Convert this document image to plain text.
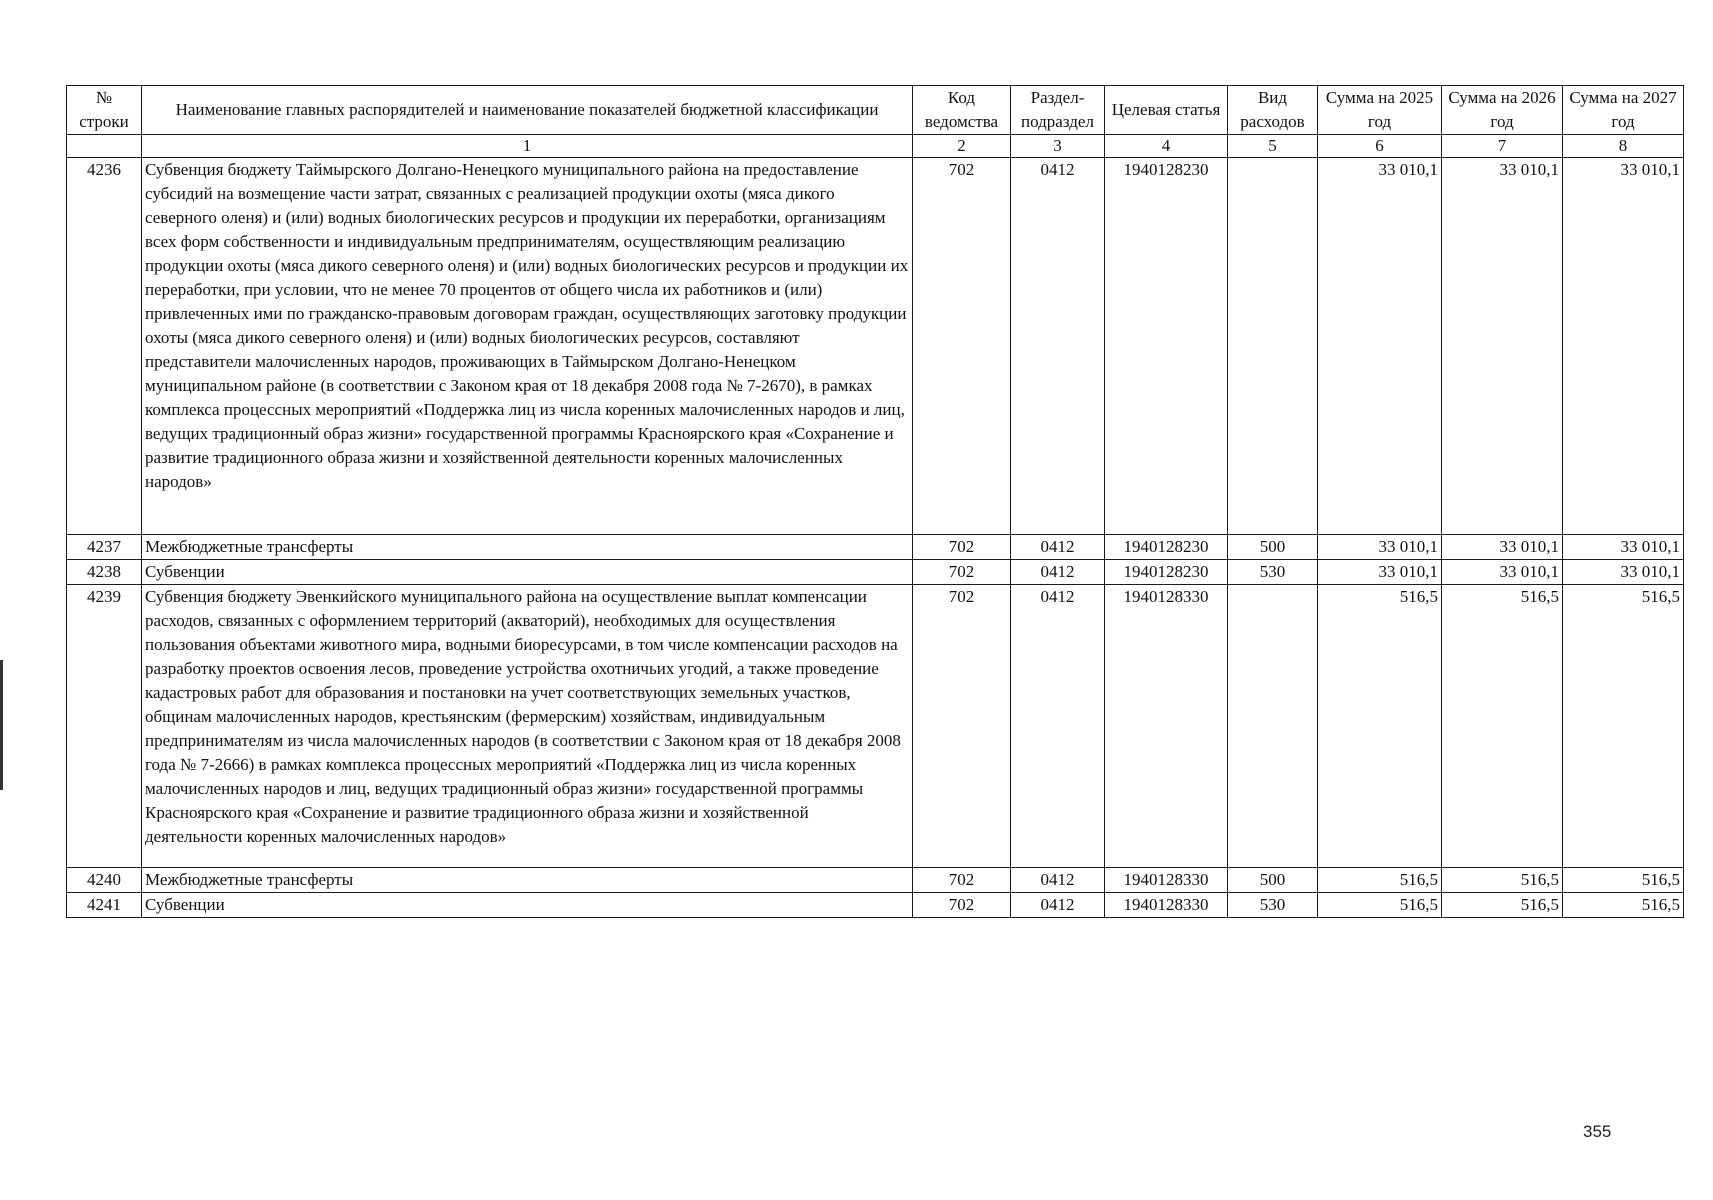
№ строки	Наименование главных распорядителей и наименование показателей бюджетной классификации	Код ведомства	Раздел-подраздел	Целевая статья	Вид расходов	Сумма на 2025 год	Сумма на 2026 год	Сумма на 2027 год
	1	2	3	4	5	6	7	8
4236	Субвенция бюджету Таймырского Долгано-Ненецкого муниципального района на предоставление субсидий на возмещение части затрат, связанных с реализацией продукции охоты (мяса дикого северного оленя) и (или) водных биологических ресурсов и продукции их переработки, организациям всех форм собственности и индивидуальным предпринимателям, осуществляющим реализацию продукции охоты (мяса дикого северного оленя) и (или) водных биологических ресурсов и продукции их переработки, при условии, что не менее 70 процентов от общего числа их работников и (или) привлеченных ими по гражданско-правовым договорам граждан, осуществляющих заготовку продукции охоты (мяса дикого северного оленя) и (или) водных биологических ресурсов, составляют представители малочисленных народов, проживающих в Таймырском Долгано-Ненецком муниципальном районе (в соответствии с Законом края от 18 декабря 2008 года № 7-2670), в рамках комплекса процессных мероприятий «Поддержка лиц из числа коренных малочисленных народов и лиц, ведущих традиционный образ жизни» государственной программы Красноярского края «Сохранение и развитие традиционного образа жизни и хозяйственной деятельности коренных малочисленных народов»	702	0412	1940128230		33 010,1	33 010,1	33 010,1
4237	Межбюджетные трансферты	702	0412	1940128230	500	33 010,1	33 010,1	33 010,1
4238	Субвенции	702	0412	1940128230	530	33 010,1	33 010,1	33 010,1
4239	Субвенция бюджету Эвенкийского муниципального района на осуществление выплат компенсации расходов, связанных с оформлением территорий (акваторий), необходимых для осуществления пользования объектами животного мира, водными биоресурсами, в том числе компенсации расходов на разработку проектов освоения лесов, проведение устройства охотничьих угодий, а также проведение кадастровых работ для образования и постановки на учет соответствующих земельных участков, общинам малочисленных народов, крестьянским (фермерским) хозяйствам, индивидуальным предпринимателям из числа малочисленных народов (в соответствии с Законом края от 18 декабря 2008 года № 7-2666) в рамках комплекса процессных мероприятий «Поддержка лиц из числа коренных малочисленных народов и лиц, ведущих традиционный образ жизни» государственной программы Красноярского края «Сохранение и развитие традиционного образа жизни и хозяйственной деятельности коренных малочисленных народов»	702	0412	1940128330		516,5	516,5	516,5
4240	Межбюджетные трансферты	702	0412	1940128330	500	516,5	516,5	516,5
4241	Субвенции	702	0412	1940128330	530	516,5	516,5	516,5
355
